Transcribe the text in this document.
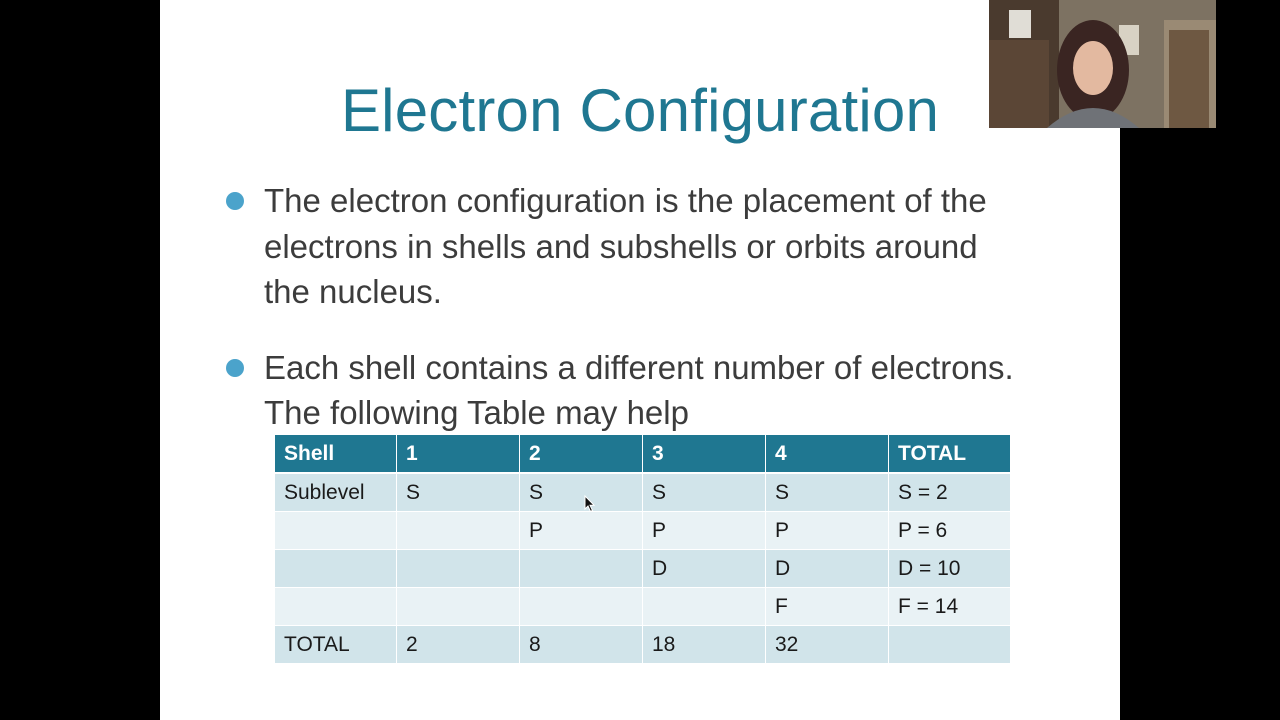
Electron Configuration
The electron configuration is the placement of the electrons in shells and subshells or orbits around the nucleus.
Each shell contains a different number of electrons. The following Table may help
Shell	1	2	3	4	TOTAL
Sublevel	S	S	S	S	S = 2
		P	P	P	P = 6
			D	D	D = 10
				F	F = 14
TOTAL	2	8	18	32	
